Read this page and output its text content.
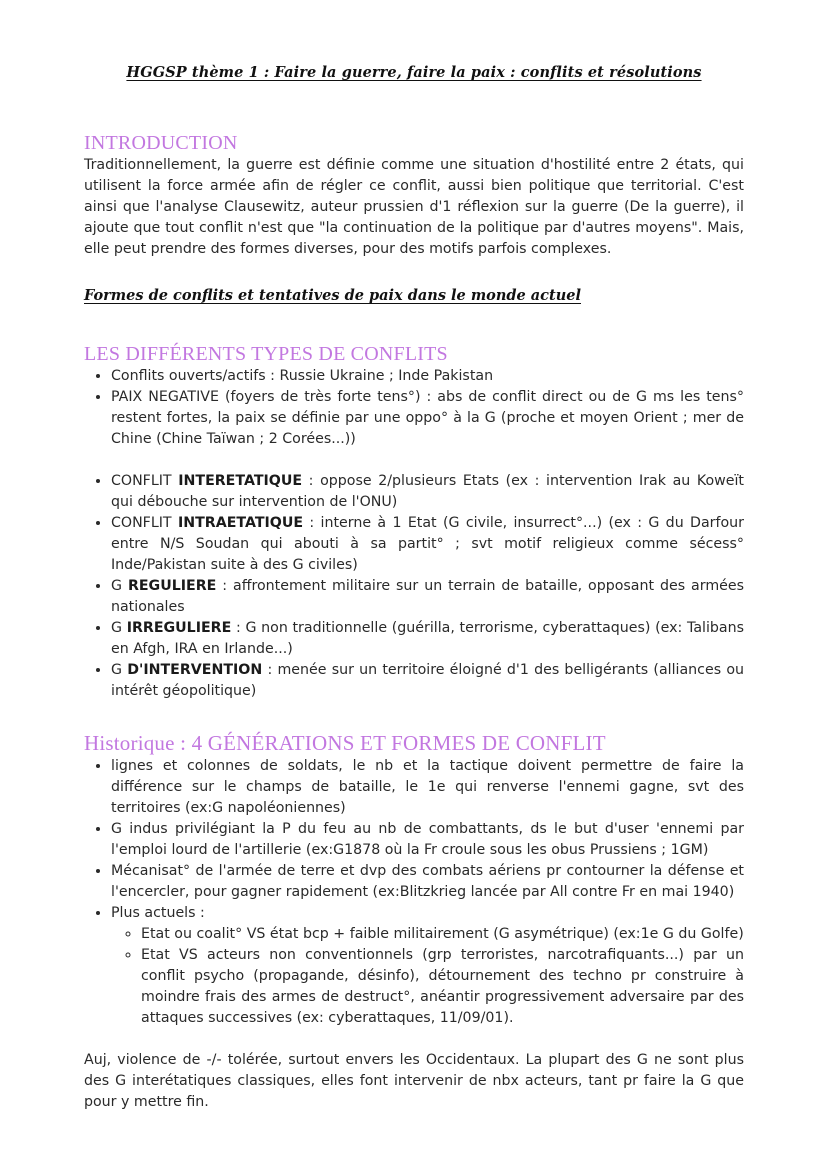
HGGSP thème 1 : Faire la guerre, faire la paix : conflits et résolutions
INTRODUCTION

Traditionnellement, la guerre est définie comme une situation d'hostilité entre 2 états, qui utilisent la force armée afin de régler ce conflit, aussi bien politique que territorial. C'est ainsi que l'analyse Clausewitz, auteur prussien d'1 réflexion sur la guerre (De la guerre), il ajoute que tout conflit n'est que "la continuation de la politique par d'autres moyens". Mais, elle peut prendre des formes diverses, pour des motifs parfois complexes.

Formes de conflits et tentatives de paix dans le monde actuel
LES DIFFÉRENTS TYPES DE CONFLITS
• Conflits ouverts/actifs : Russie Ukraine ; Inde Pakistan
• PAIX NEGATIVE (foyers de très forte tens°) : abs de conflit direct ou de G ms les tens° restent fortes, la paix se définie par une oppo° à la G (proche et moyen Orient ; mer de Chine (Chine Taïwan ; 2 Corées...))
• CONFLIT INTERETATIQUE : oppose 2/plusieurs Etats (ex : intervention Irak au Koweït qui débouche sur intervention de l'ONU)
• CONFLIT INTRAETATIQUE : interne à 1 Etat (G civile, insurrect°...) (ex : G du Darfour entre N/S Soudan qui abouti à sa partit° ; svt motif religieux comme sécess° Inde/Pakistan suite à des G civiles)
• G REGULIERE : affrontement militaire sur un terrain de bataille, opposant des armées nationales
• G IRREGULIERE : G non traditionnelle (guérilla, terrorisme, cyberattaques) (ex: Talibans en Afgh, IRA en Irlande...)
• G D'INTERVENTION : menée sur un territoire éloigné d'1 des belligérants (alliances ou intérêt géopolitique)
Historique : 4 GÉNÉRATIONS ET FORMES DE CONFLIT
• lignes et colonnes de soldats, le nb et la tactique doivent permettre de faire la différence sur le champs de bataille, le 1e qui renverse l'ennemi gagne, svt des territoires (ex:G napoléoniennes)
• G indus privilégiant la P du feu au nb de combattants, ds le but d'user 'ennemi par l'emploi lourd de l'artillerie (ex:G1878 où la Fr croule sous les obus Prussiens ; 1GM)
• Mécanisat° de l'armée de terre et dvp des combats aériens pr contourner la défense et l'encercler, pour gagner rapidement (ex:Blitzkrieg lancée par All contre Fr en mai 1940)
• Plus actuels :
◦ Etat ou coalit° VS état bcp + faible militairement (G asymétrique) (ex:1e G du Golfe)
◦ Etat VS acteurs non conventionnels (grp terroristes, narcotrafiquants...) par un conflit psycho (propagande, désinfo), détournement des techno pr construire à moindre frais des armes de destruct°, anéantir progressivement adversaire par des attaques successives (ex: cyberattaques, 11/09/01).

Auj, violence de -/- tolérée, surtout envers les Occidentaux. La plupart des G ne sont plus des G interétatiques classiques, elles font intervenir de nbx acteurs, tant pr faire la G que pour y mettre fin.
